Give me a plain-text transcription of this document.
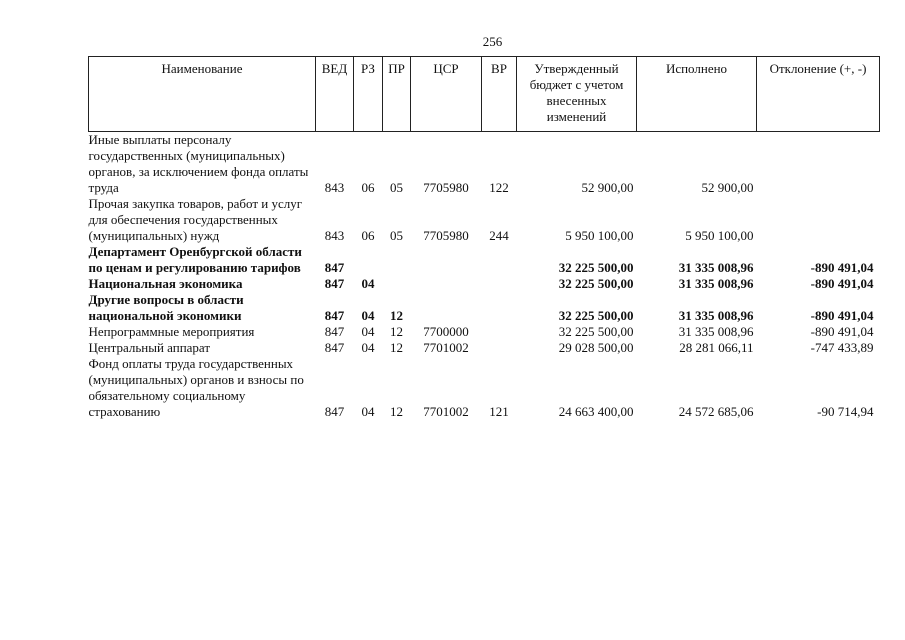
256
Наименование	ВЕД	РЗ	ПР	ЦСР	ВР	Утвержденный бюджет с учетом внесенных изменений	Исполнено	Отклонение (+, -)
Иные выплаты персоналу государственных (муниципальных) органов, за исключением фонда оплаты труда	843	06	05	7705980	122	52 900,00	52 900,00	
Прочая закупка товаров, работ и услуг для обеспечения государственных (муниципальных) нужд	843	06	05	7705980	244	5 950 100,00	5 950 100,00	
Департамент Оренбургской области по ценам и регулированию тарифов	847					32 225 500,00	31 335 008,96	-890 491,04
Национальная экономика	847	04				32 225 500,00	31 335 008,96	-890 491,04
Другие вопросы в области национальной экономики	847	04	12			32 225 500,00	31 335 008,96	-890 491,04
Непрограммные мероприятия	847	04	12	7700000		32 225 500,00	31 335 008,96	-890 491,04
Центральный аппарат	847	04	12	7701002		29 028 500,00	28 281 066,11	-747 433,89
Фонд оплаты труда государственных (муниципальных) органов и взносы по обязательному социальному страхованию	847	04	12	7701002	121	24 663 400,00	24 572 685,06	-90 714,94
